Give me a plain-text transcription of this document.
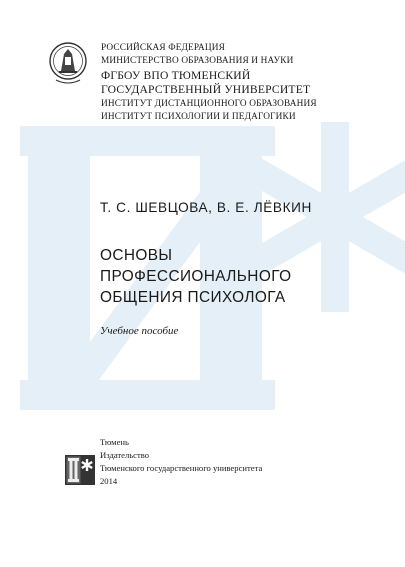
РОССИЙСКАЯ ФЕДЕРАЦИЯ
МИНИСТЕРСТВО ОБРАЗОВАНИЯ И НАУКИ
ФГБОУ ВПО ТЮМЕНСКИЙ
ГОСУДАРСТВЕННЫЙ УНИВЕРСИТЕТ
ИНСТИТУТ ДИСТАНЦИОННОГО ОБРАЗОВАНИЯ
ИНСТИТУТ ПСИХОЛОГИИ И ПЕДАГОГИКИ
Т. С. ШЕВЦОВА, В. Е. ЛЁВКИН
ОСНОВЫ
ПРОФЕССИОНАЛЬНОГО
ОБЩЕНИЯ ПСИХОЛОГА
Учебное пособие
Тюмень
Издательство
Тюменского государственного университета
2014
